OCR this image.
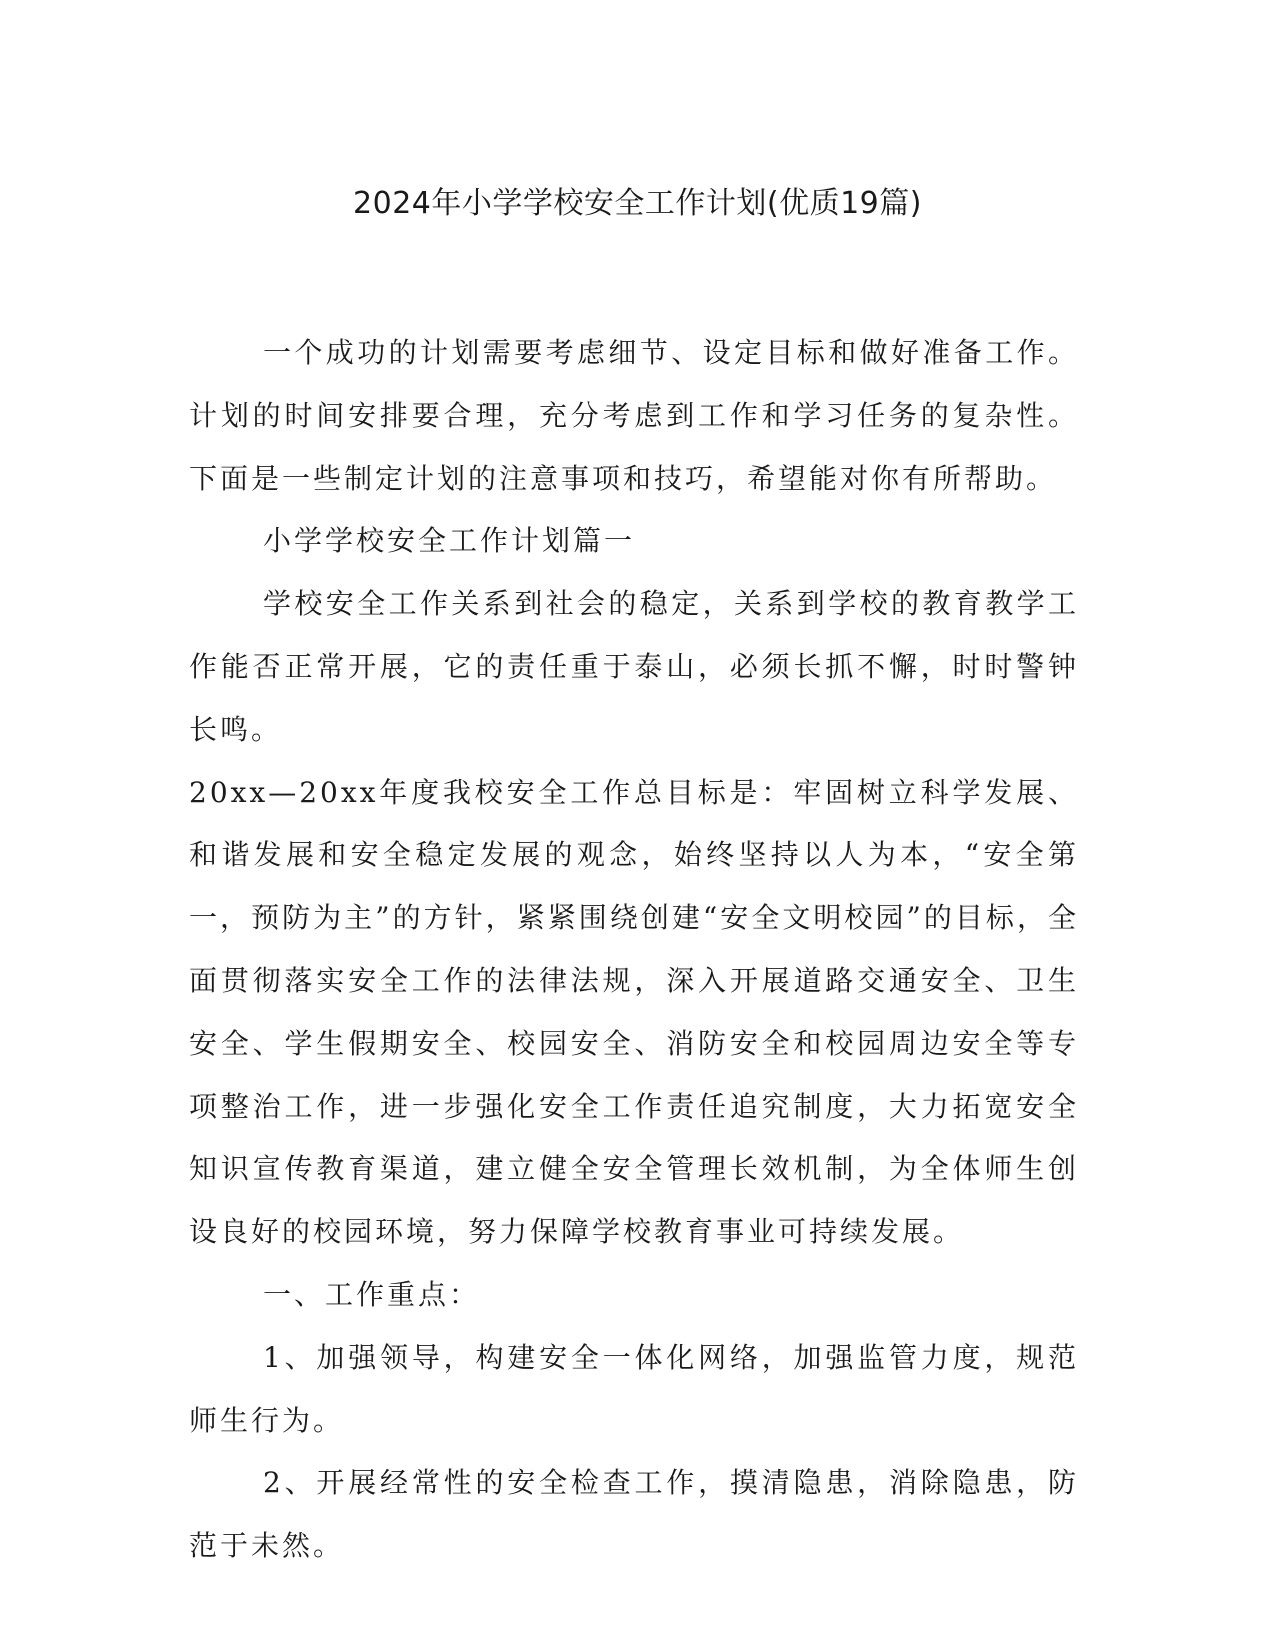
2024年小学学校安全工作计划(优质19篇)

一个成功的计划需要考虑细节、设定目标和做好准备工作。计划的时间安排要合理，充分考虑到工作和学习任务的复杂性。下面是一些制定计划的注意事项和技巧，希望能对你有所帮助。

小学学校安全工作计划篇一

学校安全工作关系到社会的稳定，关系到学校的教育教学工作能否正常开展，它的责任重于泰山，必须长抓不懈，时时警钟长鸣。

20xx—20xx年度我校安全工作总目标是：牢固树立科学发展、和谐发展和安全稳定发展的观念，始终坚持以人为本，“安全第一，预防为主”的方针，紧紧围绕创建“安全文明校园”的目标，全面贯彻落实安全工作的法律法规，深入开展道路交通安全、卫生安全、学生假期安全、校园安全、消防安全和校园周边安全等专项整治工作，进一步强化安全工作责任追究制度，大力拓宽安全知识宣传教育渠道，建立健全安全管理长效机制，为全体师生创设良好的校园环境，努力保障学校教育事业可持续发展。

一、工作重点：

1、加强领导，构建安全一体化网络，加强监管力度，规范师生行为。

2、开展经常性的安全检查工作，摸清隐患，消除隐患，防范于未然。
